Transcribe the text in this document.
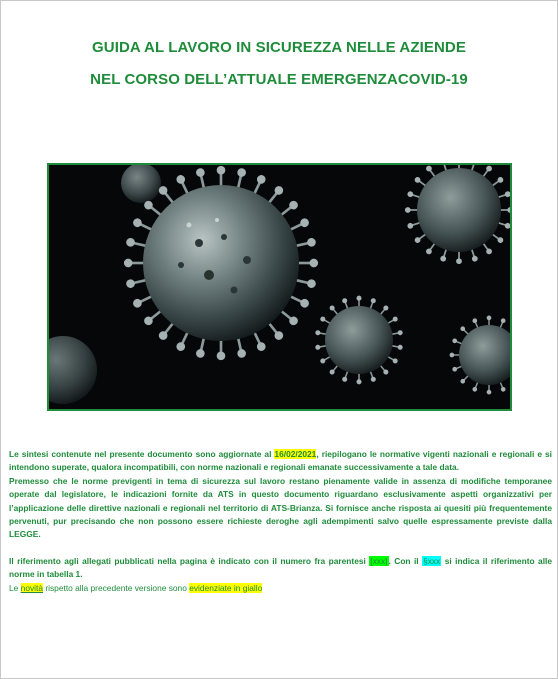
GUIDA AL LAVORO IN SICUREZZA NELLE AZIENDE
NEL CORSO DELL’ATTUALE EMERGENZACOVID-19

Le sintesi contenute nel presente documento sono aggiornate al 16/02/2021, riepilogano le normative vigenti nazionali e regionali e si intendono superate, qualora incompatibili, con norme nazionali e regionali emanate successivamente a tale data.

Premesso che le norme previgenti in tema di sicurezza sul lavoro restano pienamente valide in assenza di modifiche temporanee operate dal legislatore, le indicazioni fornite da ATS in questo documento riguardano esclusivamente aspetti organizzativi per l’applicazione delle direttive nazionali e regionali nel territorio di ATS-Brianza. Si fornisce anche risposta ai quesiti più frequentemente pervenuti, pur precisando che non possono essere richieste deroghe agli adempimenti salvo quelle espressamente previste dalla LEGGE.

Il riferimento agli allegati pubblicati nella pagina è indicato con il numero fra parentesi [xxx]. Con il §xxx si indica il riferimento alle norme in tabella 1.

Le novità rispetto alla precedente versione sono evidenziate in giallo
